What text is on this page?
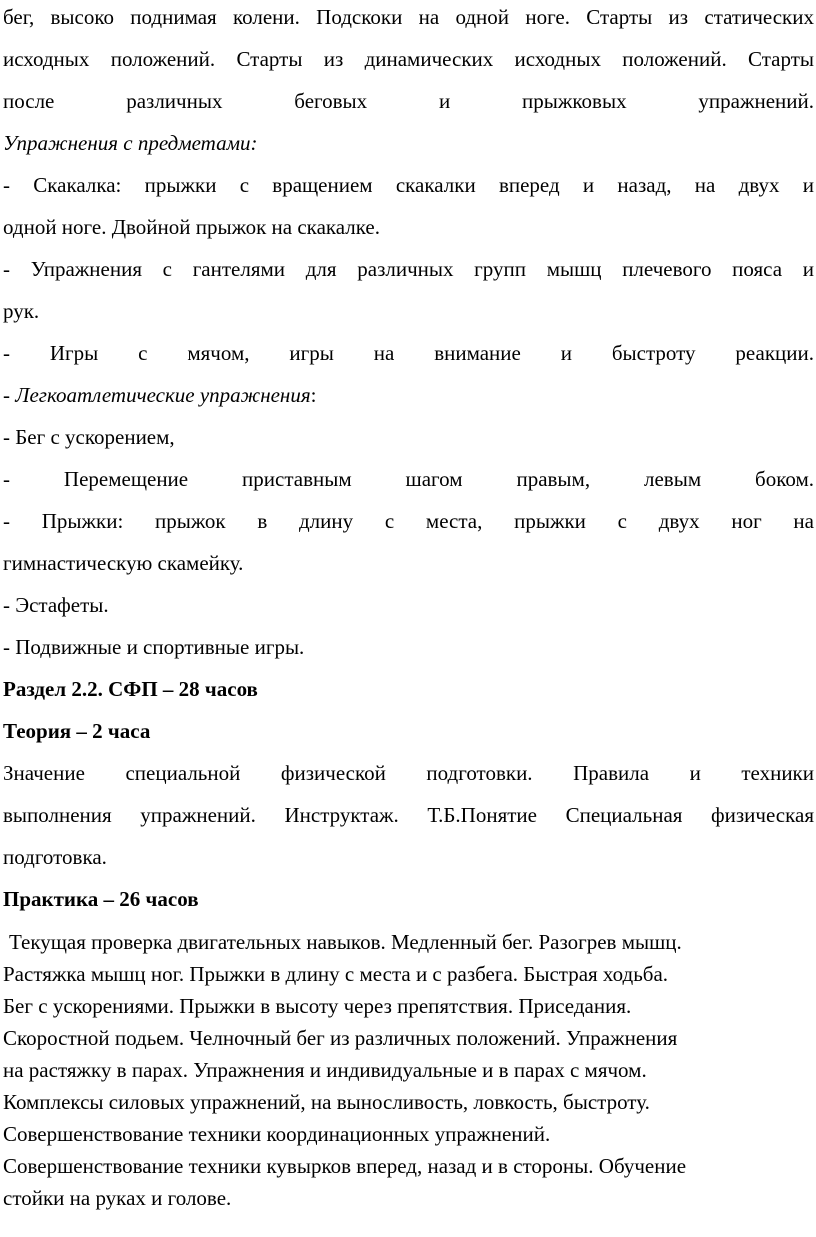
бег, высоко поднимая колени. Подскоки на одной ноге. Старты из статических

исходных положений. Старты из динамических исходных положений. Старты

после различных беговых и прыжковых упражнений.

Упражнения с предметами:

- Скакалка: прыжки с вращением скакалки вперед и назад, на двух и

одной ноге. Двойной прыжок на скакалке.

- Упражнения с гантелями для различных групп мышц плечевого пояса и

рук.

- Игры с мячом, игры на внимание и быстроту реакции.

- Легкоатлетические упражнения:

- Бег с ускорением,

- Перемещение приставным шагом правым, левым боком.

- Прыжки: прыжок в длину с места, прыжки с двух ног на

гимнастическую скамейку.

- Эстафеты.

- Подвижные и спортивные игры.

Раздел 2.2. СФП – 28 часов

Теория – 2 часа

Значение специальной физической подготовки. Правила и техники

выполнения упражнений. Инструктаж. Т.Б.Понятие Специальная физическая

подготовка.

Практика – 26 часов

Текущая проверка двигательных навыков. Медленный бег. Разогрев мышц.

Растяжка мышц ног. Прыжки в длину с места и с разбега. Быстрая ходьба.

Бег с ускорениями. Прыжки в высоту через препятствия. Приседания.

Скоростной подьем. Челночный бег из различных положений. Упражнения

на растяжку в парах. Упражнения и индивидуальные и в парах с мячом.

Комплексы силовых упражнений, на выносливость, ловкость, быстроту.

Совершенствование техники координационных упражнений.

Совершенствование техники кувырков вперед, назад и в стороны. Обучение

стойки на руках и голове.
